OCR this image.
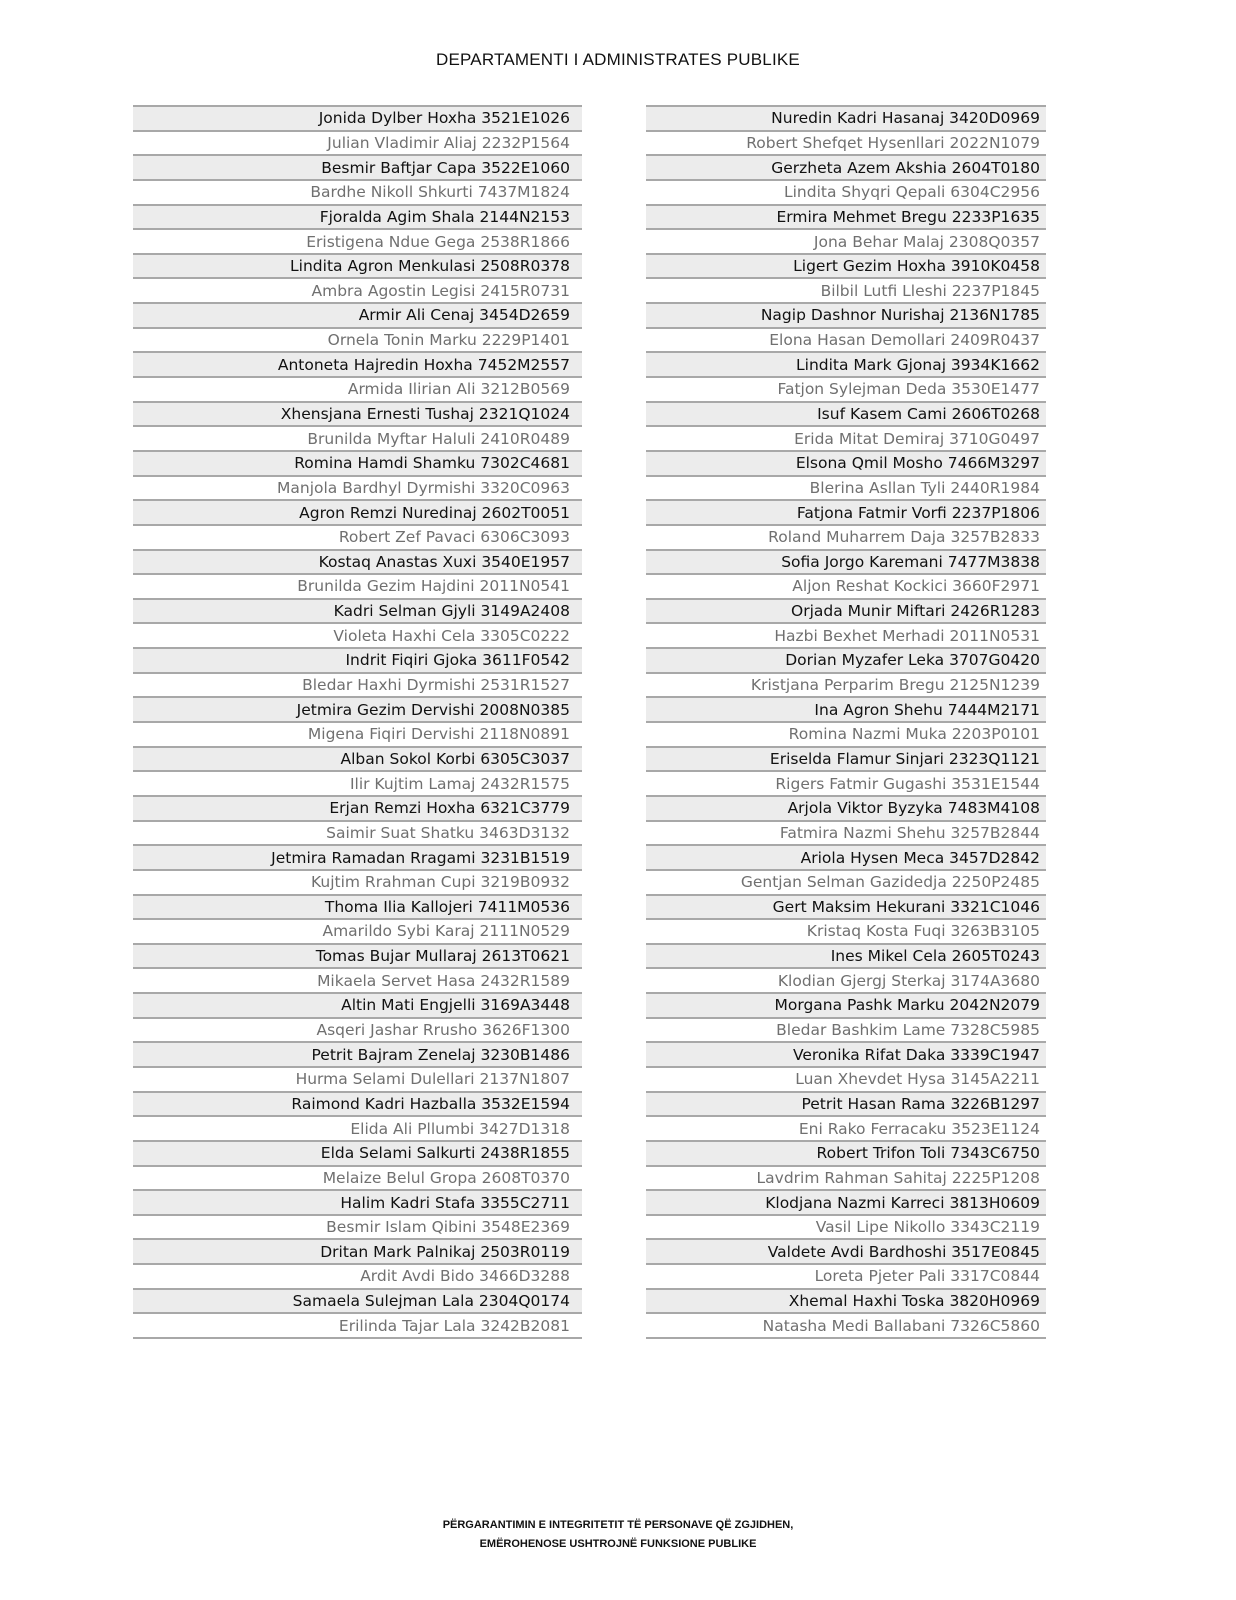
DEPARTAMENTI I ADMINISTRATES PUBLIKE
Jonida Dylber Hoxha 3521E1026
Julian Vladimir Aliaj 2232P1564
Besmir Baftjar Capa 3522E1060
Bardhe Nikoll Shkurti 7437M1824
Fjoralda Agim Shala 2144N2153
Eristigena Ndue Gega 2538R1866
Lindita Agron Menkulasi 2508R0378
Ambra Agostin Legisi 2415R0731
Armir Ali Cenaj 3454D2659
Ornela Tonin Marku 2229P1401
Antoneta Hajredin Hoxha 7452M2557
Armida Ilirian Ali 3212B0569
Xhensjana Ernesti Tushaj 2321Q1024
Brunilda Myftar Haluli 2410R0489
Romina Hamdi Shamku 7302C4681
Manjola Bardhyl Dyrmishi 3320C0963
Agron Remzi Nuredinaj 2602T0051
Robert Zef Pavaci 6306C3093
Kostaq Anastas Xuxi 3540E1957
Brunilda Gezim Hajdini 2011N0541
Kadri Selman Gjyli 3149A2408
Violeta Haxhi Cela 3305C0222
Indrit Fiqiri Gjoka 3611F0542
Bledar Haxhi Dyrmishi 2531R1527
Jetmira Gezim Dervishi 2008N0385
Migena Fiqiri Dervishi 2118N0891
Alban Sokol Korbi 6305C3037
Ilir Kujtim Lamaj 2432R1575
Erjan Remzi Hoxha 6321C3779
Saimir Suat Shatku 3463D3132
Jetmira Ramadan Rragami 3231B1519
Kujtim Rrahman Cupi 3219B0932
Thoma Ilia Kallojeri 7411M0536
Amarildo Sybi Karaj 2111N0529
Tomas Bujar Mullaraj 2613T0621
Mikaela Servet Hasa 2432R1589
Altin Mati Engjelli 3169A3448
Asqeri Jashar Rrusho 3626F1300
Petrit Bajram Zenelaj 3230B1486
Hurma Selami Dulellari 2137N1807
Raimond Kadri Hazballa 3532E1594
Elida Ali Pllumbi 3427D1318
Elda Selami Salkurti 2438R1855
Melaize Belul Gropa 2608T0370
Halim Kadri Stafa 3355C2711
Besmir Islam Qibini 3548E2369
Dritan Mark Palnikaj 2503R0119
Ardit Avdi Bido 3466D3288
Samaela Sulejman Lala 2304Q0174
Erilinda Tajar Lala 3242B2081
Nuredin Kadri Hasanaj 3420D0969
Robert Shefqet Hysenllari 2022N1079
Gerzheta Azem Akshia 2604T0180
Lindita Shyqri Qepali 6304C2956
Ermira Mehmet Bregu 2233P1635
Jona Behar Malaj 2308Q0357
Ligert Gezim Hoxha 3910K0458
Bilbil Lutfi Lleshi 2237P1845
Nagip Dashnor Nurishaj 2136N1785
Elona Hasan Demollari 2409R0437
Lindita Mark Gjonaj 3934K1662
Fatjon Sylejman Deda 3530E1477
Isuf Kasem Cami 2606T0268
Erida Mitat Demiraj 3710G0497
Elsona Qmil Mosho 7466M3297
Blerina Asllan Tyli 2440R1984
Fatjona Fatmir Vorfi 2237P1806
Roland Muharrem Daja 3257B2833
Sofia Jorgo Karemani 7477M3838
Aljon Reshat Kockici 3660F2971
Orjada Munir Miftari 2426R1283
Hazbi Bexhet Merhadi 2011N0531
Dorian Myzafer Leka 3707G0420
Kristjana Perparim Bregu 2125N1239
Ina Agron Shehu 7444M2171
Romina Nazmi Muka 2203P0101
Eriselda Flamur Sinjari 2323Q1121
Rigers Fatmir Gugashi 3531E1544
Arjola Viktor Byzyka 7483M4108
Fatmira Nazmi Shehu 3257B2844
Ariola Hysen Meca 3457D2842
Gentjan Selman Gazidedja 2250P2485
Gert Maksim Hekurani 3321C1046
Kristaq Kosta Fuqi 3263B3105
Ines Mikel Cela 2605T0243
Klodian Gjergj Sterkaj 3174A3680
Morgana Pashk Marku 2042N2079
Bledar Bashkim Lame 7328C5985
Veronika Rifat Daka 3339C1947
Luan Xhevdet Hysa 3145A2211
Petrit Hasan Rama 3226B1297
Eni Rako Ferracaku 3523E1124
Robert Trifon Toli 7343C6750
Lavdrim Rahman Sahitaj 2225P1208
Klodjana Nazmi Karreci 3813H0609
Vasil Lipe Nikollo 3343C2119
Valdete Avdi Bardhoshi 3517E0845
Loreta Pjeter Pali 3317C0844
Xhemal Haxhi Toska 3820H0969
Natasha Medi Ballabani 7326C5860
PËRGARANTIMIN E INTEGRITETIT TË PERSONAVE QË ZGJIDHEN,
EMËROHENOSE USHTROJNË FUNKSIONE PUBLIKE
